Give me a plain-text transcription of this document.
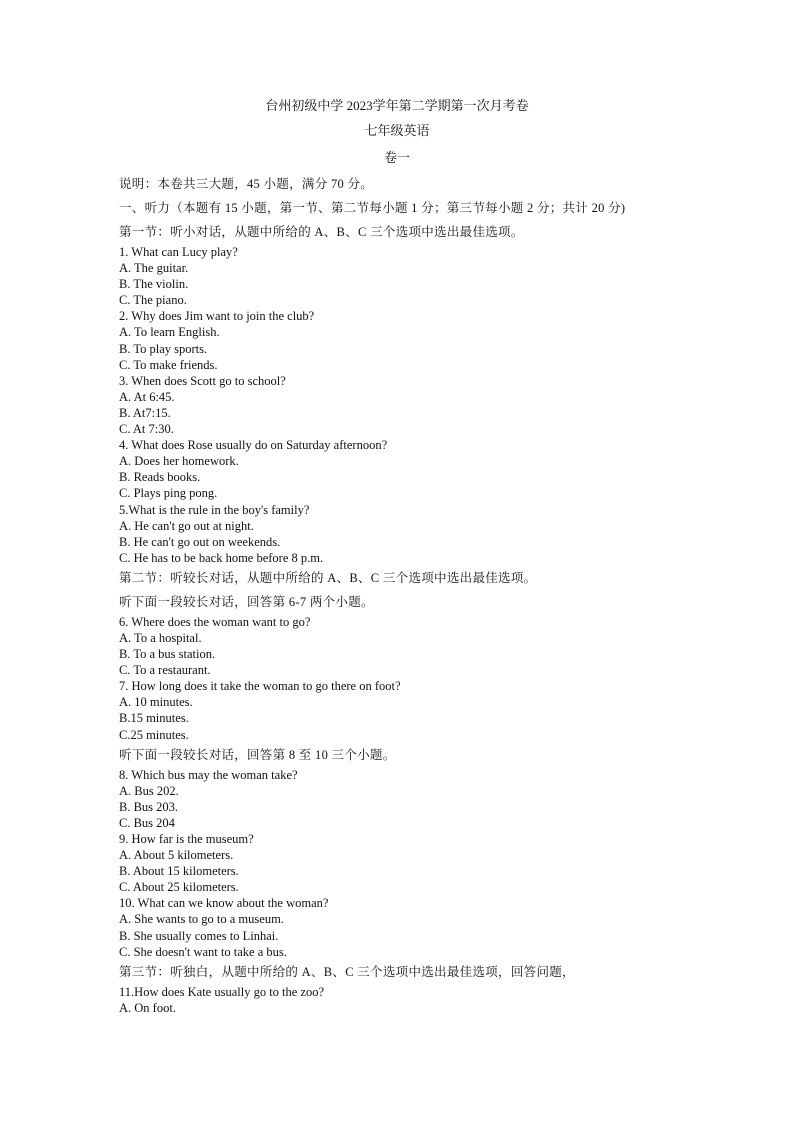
台州初级中学 2023学年第二学期第一次月考卷
七年级英语
卷一
说明：本卷共三大题，45 小题，满分 70 分。
一、听力（本题有 15 小题，第一节、第二节每小题 1 分；第三节每小题 2 分；共计 20 分)
第一节：听小对话，从题中所给的 A、B、C 三个选项中选出最佳选项。
1. What can Lucy play?
A. The guitar.
B. The violin.
C. The piano.
2. Why does Jim want to join the club?
A. To learn English.
B. To play sports.
C. To make friends.
3. When does Scott go to school?
A. At 6:45.
B. At7:15.
C. At 7:30.
4. What does Rose usually do on Saturday afternoon?
A. Does her homework.
B. Reads books.
C. Plays ping pong.
5.What is the rule in the boy's family?
A. He can't go out at night.
B. He can't go out on weekends.
C. He has to be back home before 8 p.m.
第二节：听较长对话，从题中所给的 A、B、C 三个选项中选出最佳选项。
听下面一段较长对话，回答第 6-7 两个小题。
6. Where does the woman want to go?
A. To a hospital.
B. To a bus station.
C. To a restaurant.
7. How long does it take the woman to go there on foot?
A. 10 minutes.
B.15 minutes.
C.25 minutes.
听下面一段较长对话，回答第 8 至 10 三个小题。
8. Which bus may the woman take?
A. Bus 202.
B. Bus 203.
C. Bus 204
9. How far is the museum?
A. About 5 kilometers.
B. About 15 kilometers.
C. About 25 kilometers.
10. What can we know about the woman?
A. She wants to go to a museum.
B. She usually comes to Linhai.
C. She doesn't want to take a bus.
第三节：听独白，从题中所给的 A、B、C 三个选项中选出最佳选项，回答问题，
11.How does Kate usually go to the zoo?
A. On foot.
